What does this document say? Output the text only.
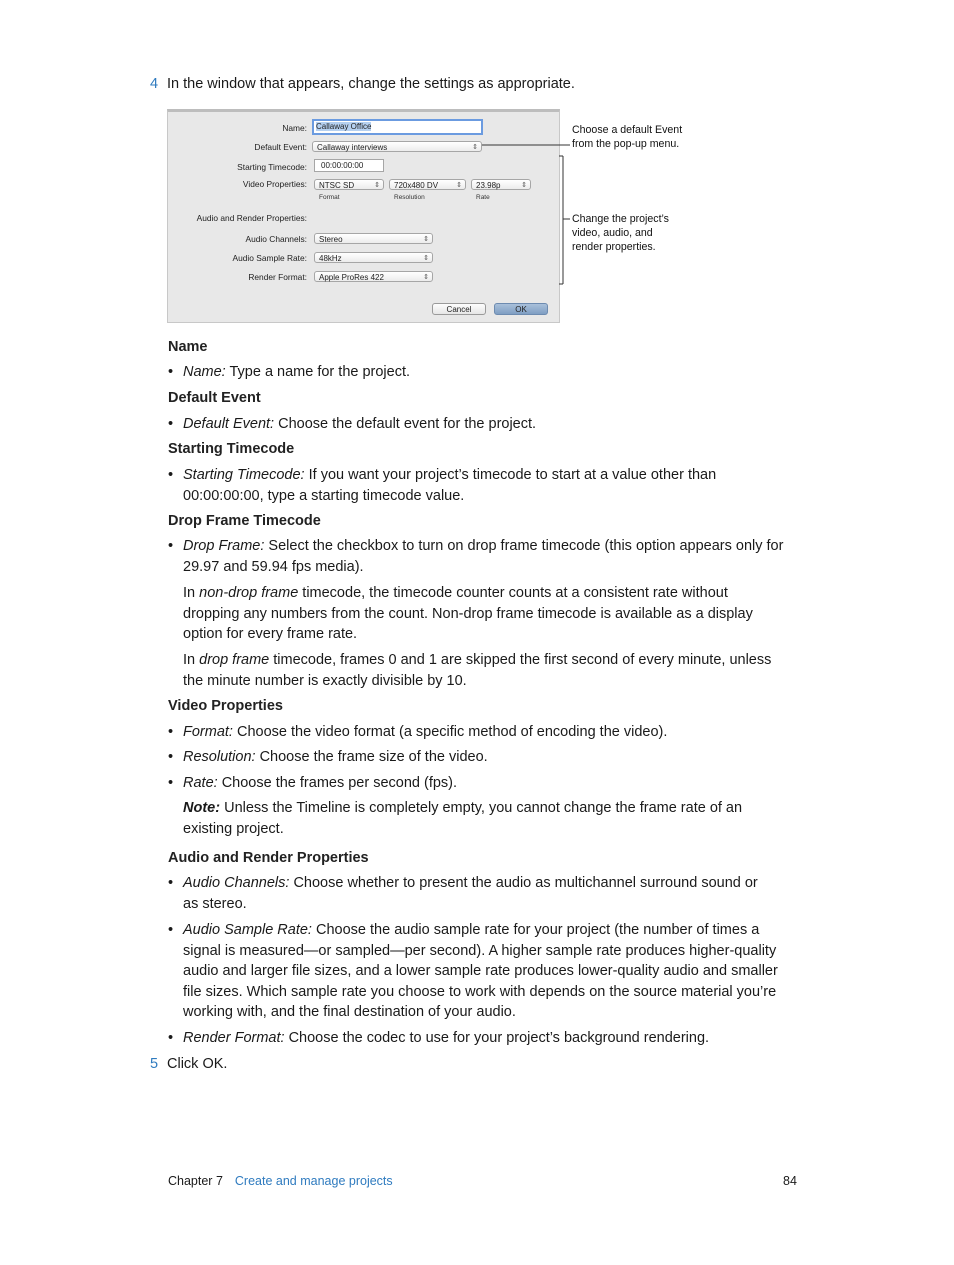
4 In the window that appears, change the settings as appropriate.
Name:	Callaway Office
Default Event:	Callaway interviews	⇕
Starting Timecode:	00:00:00:00
Video Properties:	NTSC SD	⇕	720x480 DV	⇕	23.98p	⇕
Format	Resolution	Rate
Audio and Render Properties:
Audio Channels:	Stereo	⇕
Audio Sample Rate:	48kHz	⇕
Render Format:	Apple ProRes 422	⇕
Cancel	OK
Choose a default Event
from the pop-up menu.
Change the project’s
video, audio, and
render properties.
Name
• Name: Type a name for the project.
Default Event
• Default Event: Choose the default event for the project.
Starting Timecode
• Starting Timecode: If you want your project’s timecode to start at a value other than 00:00:00:00, type a starting timecode value.
Drop Frame Timecode
• Drop Frame: Select the checkbox to turn on drop frame timecode (this option appears only for 29.97 and 59.94 fps media).
In non-drop frame timecode, the timecode counter counts at a consistent rate without dropping any numbers from the count. Non-drop frame timecode is available as a display option for every frame rate.
In drop frame timecode, frames 0 and 1 are skipped the first second of every minute, unless the minute number is exactly divisible by 10.
Video Properties
• Format: Choose the video format (a specific method of encoding the video).
• Resolution: Choose the frame size of the video.
• Rate: Choose the frames per second (fps).
Note: Unless the Timeline is completely empty, you cannot change the frame rate of an existing project.
Audio and Render Properties
• Audio Channels: Choose whether to present the audio as multichannel surround sound or as stereo.
• Audio Sample Rate: Choose the audio sample rate for your project (the number of times a signal is measured—or sampled—per second). A higher sample rate produces higher-quality audio and larger file sizes, and a lower sample rate produces lower-quality audio and smaller file sizes. Which sample rate you choose to work with depends on the source material you’re working with, and the final destination of your audio.
• Render Format: Choose the codec to use for your project’s background rendering.
5 Click OK.
Chapter 7 Create and manage projects	84
